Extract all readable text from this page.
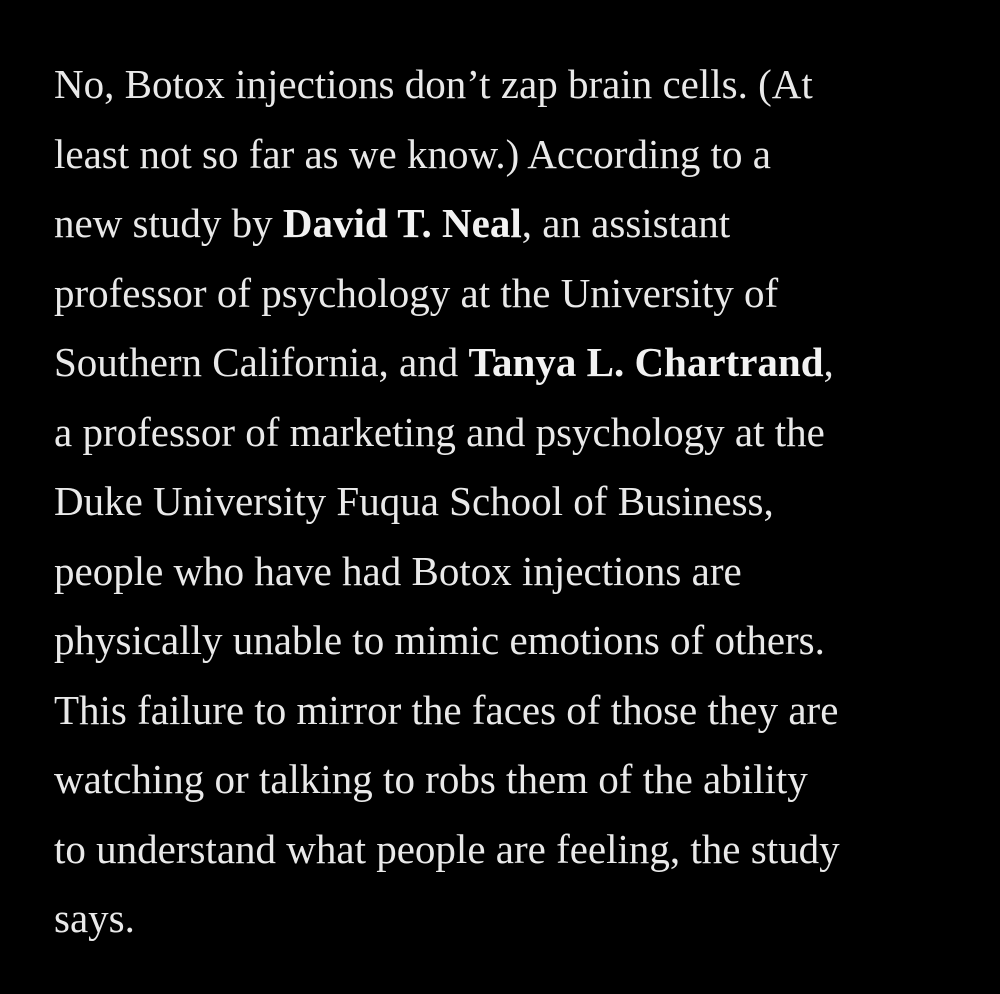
No, Botox injections don’t zap brain cells. (At
least not so far as we know.) According to a
new study by David T. Neal, an assistant
professor of psychology at the University of
Southern California, and Tanya L. Chartrand,
a professor of marketing and psychology at the
Duke University Fuqua School of Business,
people who have had Botox injections are
physically unable to mimic emotions of others.
This failure to mirror the faces of those they are
watching or talking to robs them of the ability
to understand what people are feeling, the study
says.
